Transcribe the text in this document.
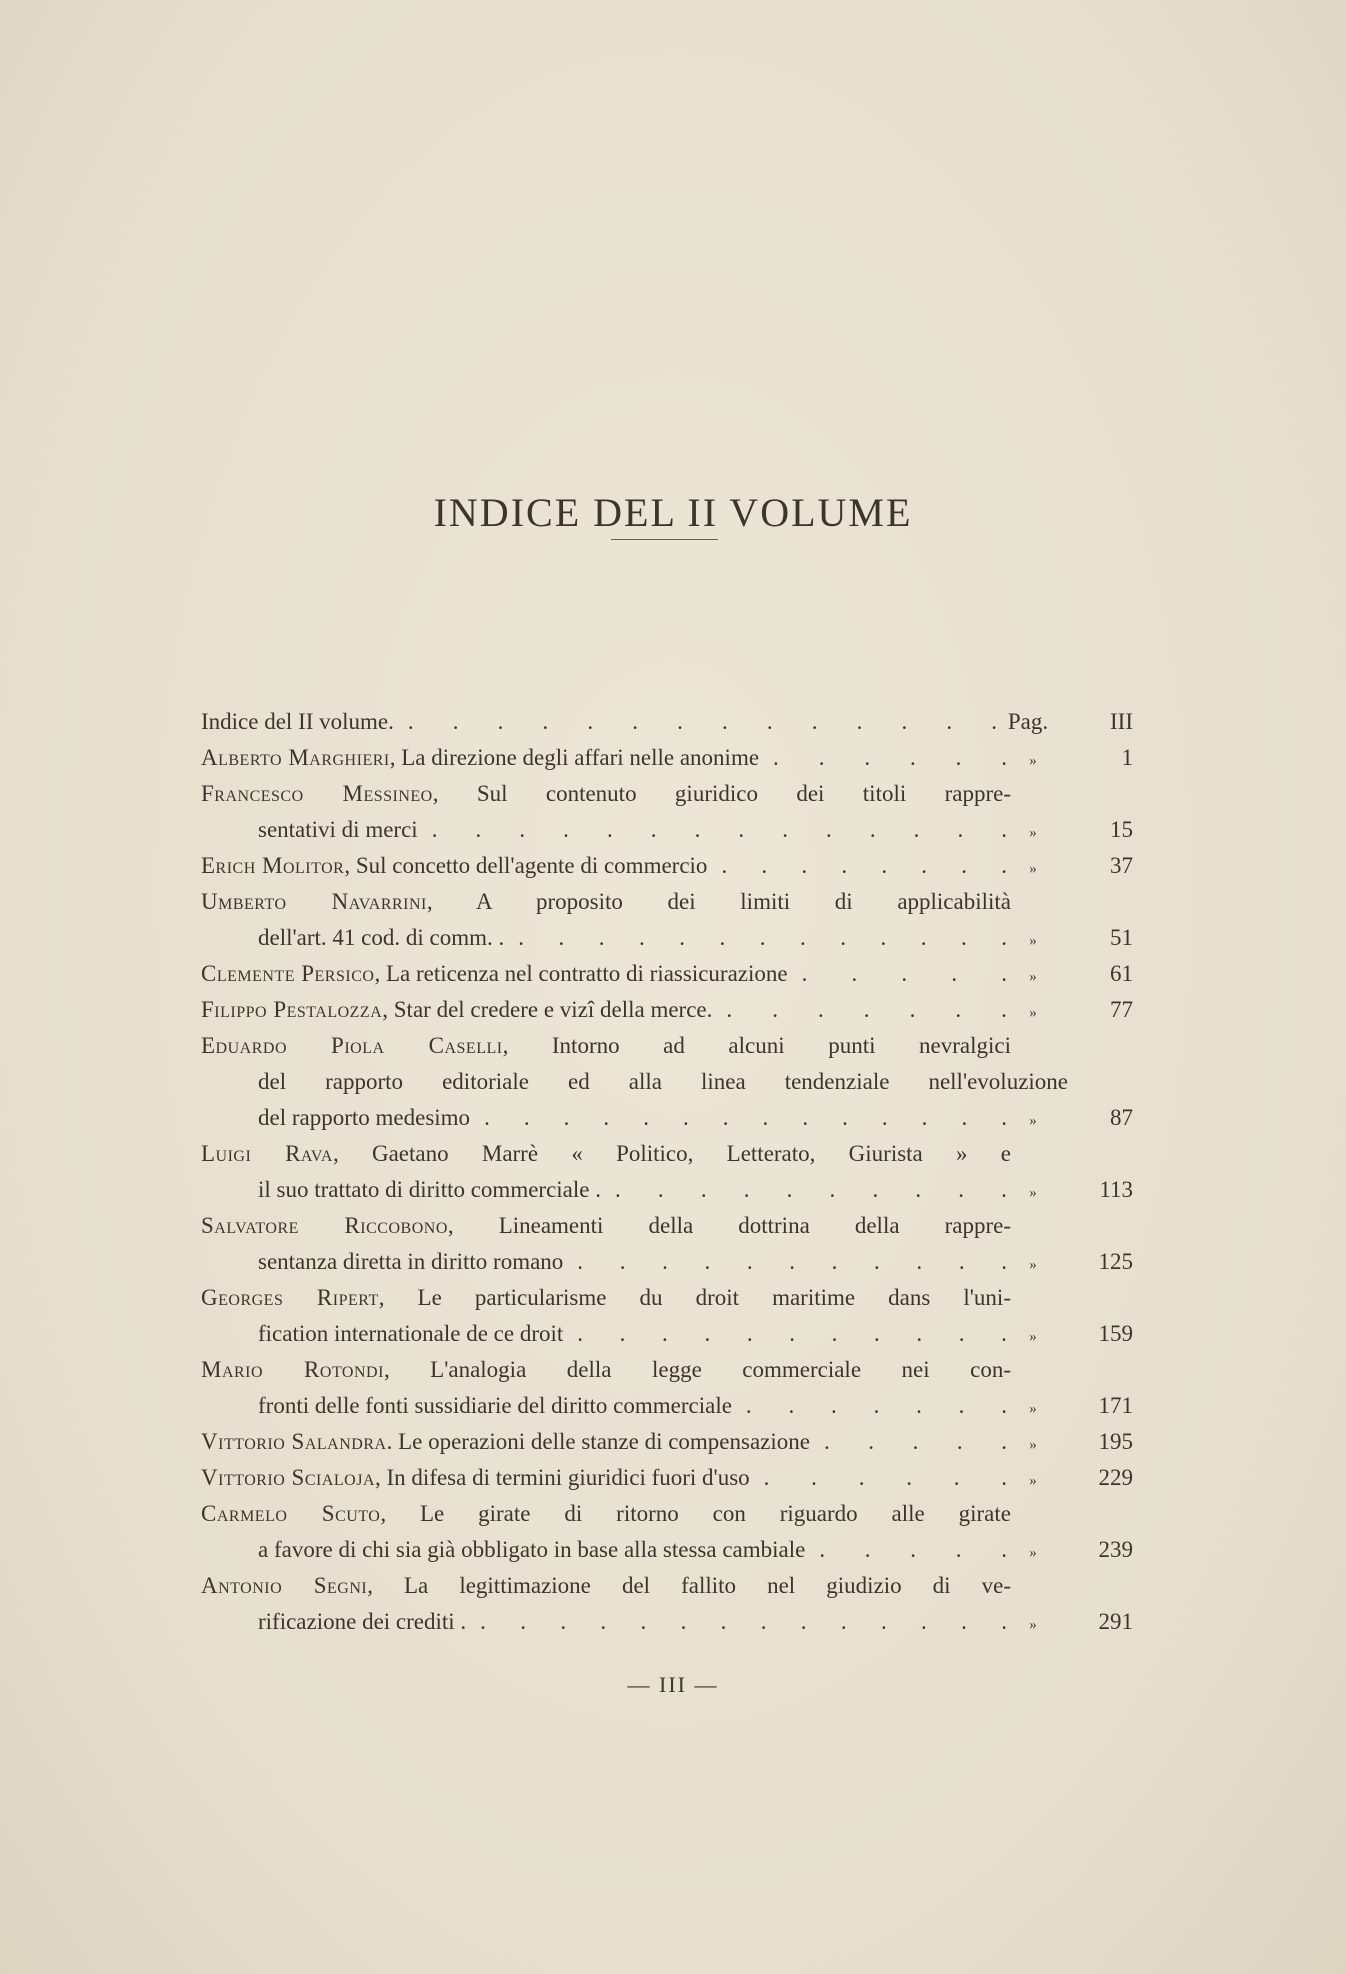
INDICE DEL II VOLUME
Indice del II volume. . . . . . . . . . . . . . . Pag.	III
Alberto Marghieri, La direzione degli affari nelle anonime . . . . . .	»	1
Francesco Messineo, Sul contenuto giuridico dei titoli rappre‐
sentativi di merci . . . . . . . . . . . . . .	»	15
Erich Molitor, Sul concetto dell'agente di commercio . . . . . . . .	»	37
Umberto Navarrini, A proposito dei limiti di applicabilità
dell'art. 41 cod. di comm. . . . . . . . . . . . . . .	»	51
Clemente Persico, La reticenza nel contratto di riassicurazione . . . . .	»	61
Filippo Pestalozza, Star del credere e vizî della merce. . . . . . . .	»	77
Eduardo Piola Caselli, Intorno ad alcuni punti nevralgici
del rapporto editoriale ed alla linea tendenziale nell'evoluzione
del rapporto medesimo . . . . . . . . . . . . . .	»	87
Luigi Rava, Gaetano Marrè « Politico, Letterato, Giurista » e
il suo trattato di diritto commerciale . . . . . . . . . . .	»	113
Salvatore Riccobono, Lineamenti della dottrina della rappre‐
sentanza diretta in diritto romano . . . . . . . . . . .	»	125
Georges Ripert, Le particularisme du droit maritime dans l'uni‐
fication internationale de ce droit . . . . . . . . . . .	»	159
Mario Rotondi, L'analogia della legge commerciale nei con‐
fronti delle fonti sussidiarie del diritto commerciale . . . . . . .	»	171
Vittorio Salandra. Le operazioni delle stanze di compensazione . . . . .	»	195
Vittorio Scialoja, In difesa di termini giuridici fuori d'uso . . . . . .	»	229
Carmelo Scuto, Le girate di ritorno con riguardo alle girate
a favore di chi sia già obbligato in base alla stessa cambiale . . . . .	»	239
Antonio Segni, La legittimazione del fallito nel giudizio di ve‐
rificazione dei crediti . . . . . . . . . . . . . . .	»	291
— III —
